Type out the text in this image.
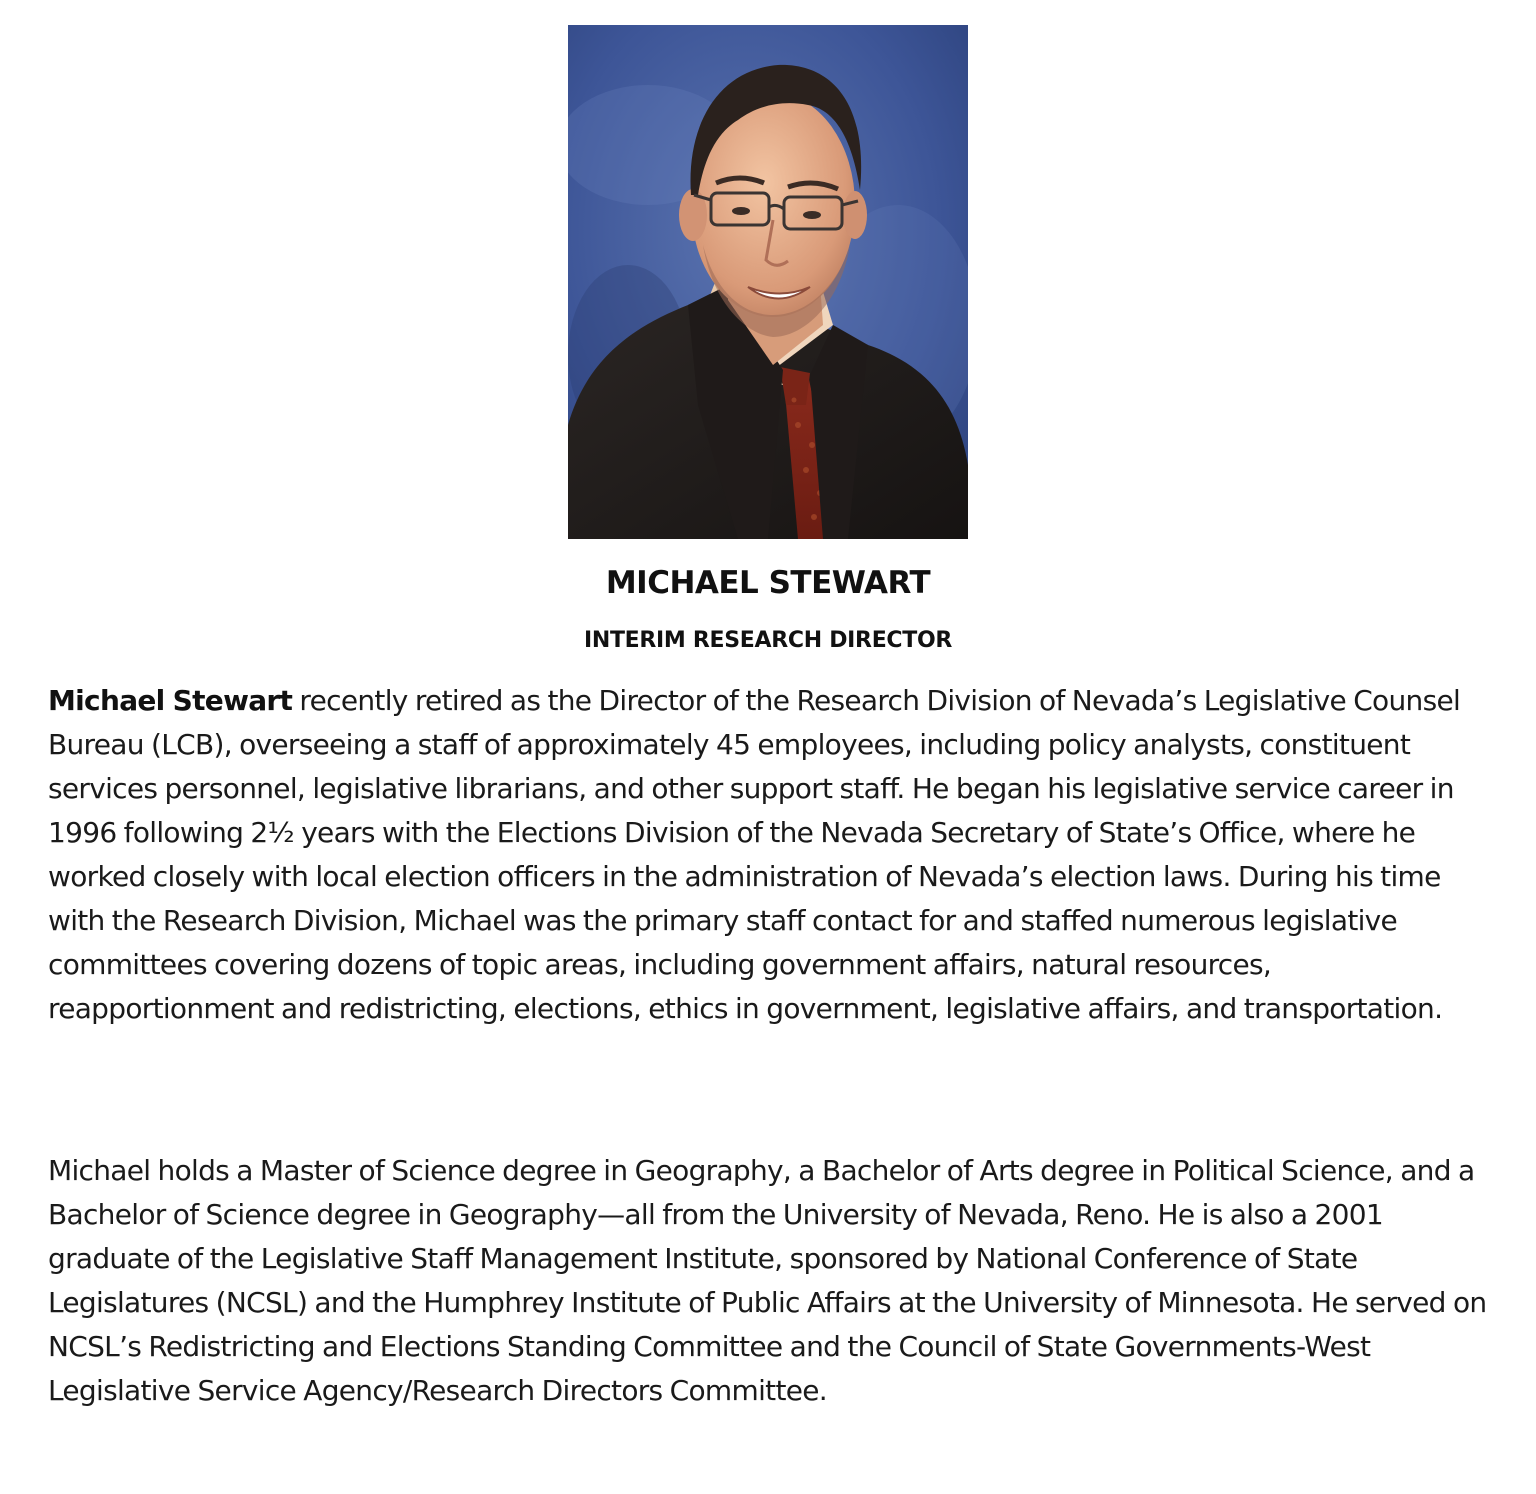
MICHAEL STEWART
INTERIM RESEARCH DIRECTOR

Michael Stewart recently retired as the Director of the Research Division of Nevada’s Legislative Counsel Bureau (LCB), overseeing a staff of approximately 45 employees, including policy analysts, constituent services personnel, legislative librarians, and other support staff. He began his legislative service career in 1996 following 2½ years with the Elections Division of the Nevada Secretary of State’s Office, where he worked closely with local election officers in the administration of Nevada’s election laws. During his time with the Research Division, Michael was the primary staff contact for and staffed numerous legislative committees covering dozens of topic areas, including government affairs, natural resources, reapportionment and redistricting, elections, ethics in government, legislative affairs, and transportation.

Michael holds a Master of Science degree in Geography, a Bachelor of Arts degree in Political Science, and a Bachelor of Science degree in Geography—all from the University of Nevada, Reno. He is also a 2001 graduate of the Legislative Staff Management Institute, sponsored by National Conference of State Legislatures (NCSL) and the Humphrey Institute of Public Affairs at the University of Minnesota. He served on NCSL’s Redistricting and Elections Standing Committee and the Council of State Governments-West Legislative Service Agency/Research Directors Committee.
